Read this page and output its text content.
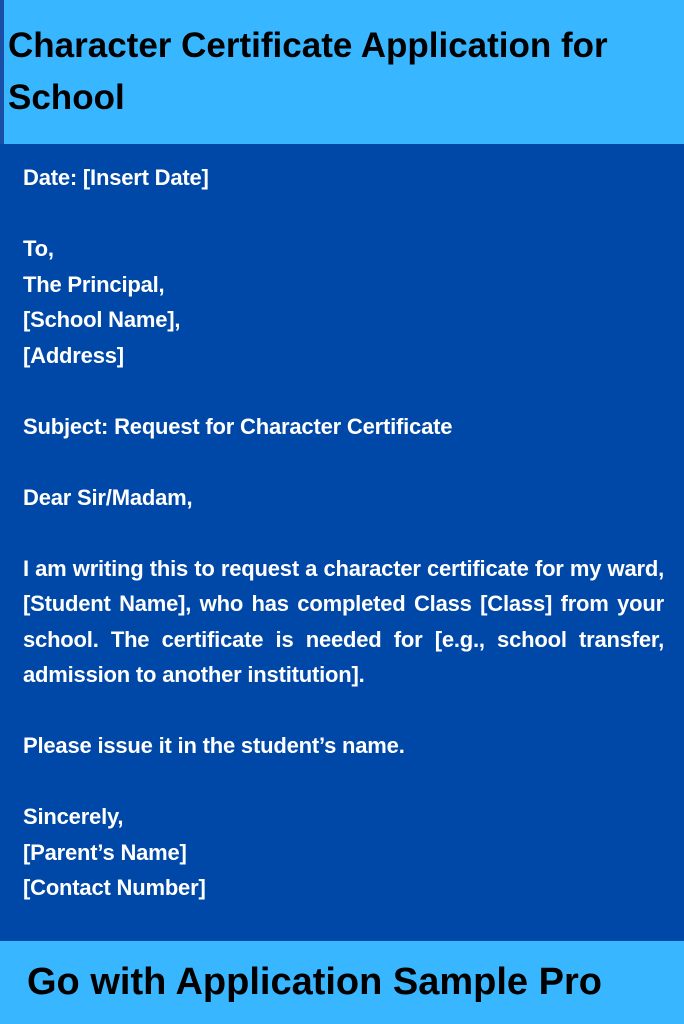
Character Certificate Application for School

Date: [Insert Date]

To,
The Principal,
[School Name],
[Address]

Subject: Request for Character Certificate

Dear Sir/Madam,

I am writing this to request a character certificate for my ward, [Student Name], who has completed Class [Class] from your school. The certificate is needed for [e.g., school transfer, admission to another institution].

Please issue it in the student’s name.

Sincerely,
[Parent’s Name]
[Contact Number]

Go with Application Sample Pro
